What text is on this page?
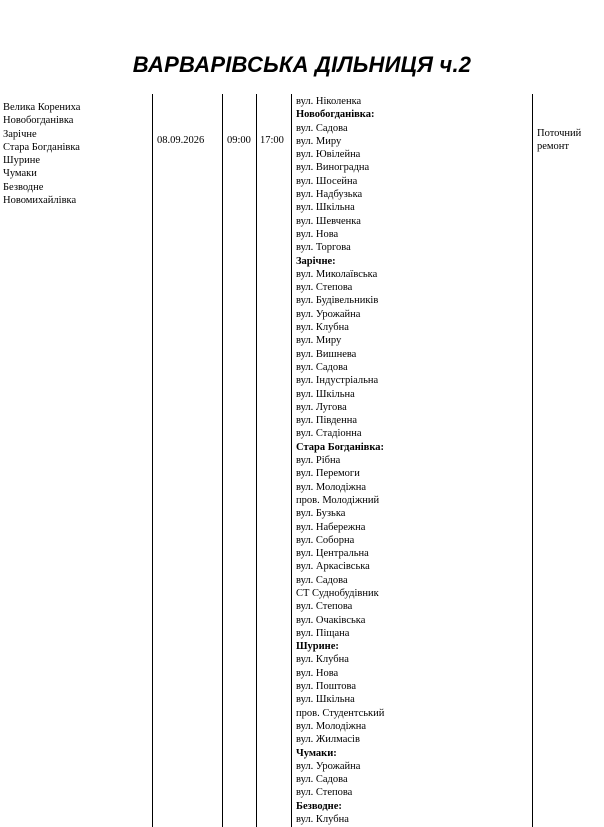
ВАРВАРІВСЬКА ДІЛЬНИЦЯ ч.2
Велика Корениха
Новобогданівка
Зарічне
Стара Богданівка
Шурине
Чумаки
Безводне
Новомихайлівка
08.09.2026 09:00 17:00
Поточний
ремонт
вул. Ніколенка
Новобогданівка:
вул. Садова
вул. Миру
вул. Ювілейна
вул. Виноградна
вул. Шосейна
вул. Надбузька
вул. Шкільна
вул. Шевченка
вул. Нова
вул. Торгова
Зарічне:
вул. Миколаївська
вул. Степова
вул. Будівельників
вул. Урожайна
вул. Клубна
вул. Миру
вул. Вишнева
вул. Садова
вул. Індустріальна
вул. Шкільна
вул. Лугова
вул. Південна
вул. Стадіонна
Стара Богданівка:
вул. Рібна
вул. Перемоги
вул. Молодіжна
пров. Молодіжний
вул. Бузька
вул. Набережна
вул. Соборна
вул. Центральна
вул. Аркасівська
вул. Садова
СТ Суднобудівник
вул. Степова
вул. Очаківська
вул. Піщана
Шурине:
вул. Клубна
вул. Нова
вул. Поштова
вул. Шкільна
пров. Студентський
вул. Молодіжна
вул. Жилмасів
Чумаки:
вул. Урожайна
вул. Садова
вул. Степова
Безводне:
вул. Клубна
